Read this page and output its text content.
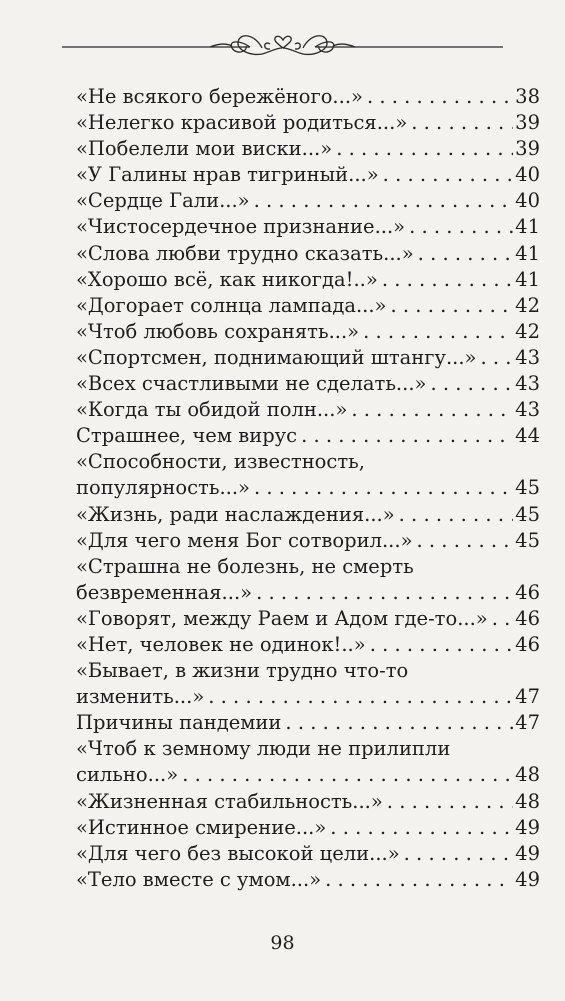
«Не всякого бережёного...» . . .	38
«Нелегко красивой родиться...» . . .	39
«Побелели мои виски...» . . .	39
«У Галины нрав тигриный...» . . .	40
«Сердце Гали...» . . .	40
«Чистосердечное признание...» . . .	41
«Слова любви трудно сказать...» . . .	41
«Хорошо всё, как никогда!..» . . .	41
«Догорает солнца лампада...» . . .	42
«Чтоб любовь сохранять...» . . .	42
«Спортсмен, поднимающий штангу...» . . . 43
«Всех счастливыми не сделать...» . . .	43
«Когда ты обидой полн...» . . .	43
Страшнее, чем вирус . . .	44
«Способности, известность,
популярность...» . . .	45
«Жизнь, ради наслаждения...» . . .	45
«Для чего меня Бог сотворил...» . . .	45
«Страшна не болезнь, не смерть
безвременная...» . . .	46
«Говорят, между Раем и Адом где-то...» . . . 46
«Нет, человек не одинок!..» . . .	46
«Бывает, в жизни трудно что-то
изменить...» . . .	47
Причины пандемии . . .	47
«Чтоб к земному люди не прилипли
сильно...» . . .	48
«Жизненная стабильность...» . . .	48
«Истинное смирение...» . . .	49
«Для чего без высокой цели...» . . .	49
«Тело вместе с умом...» . . .	49
98
